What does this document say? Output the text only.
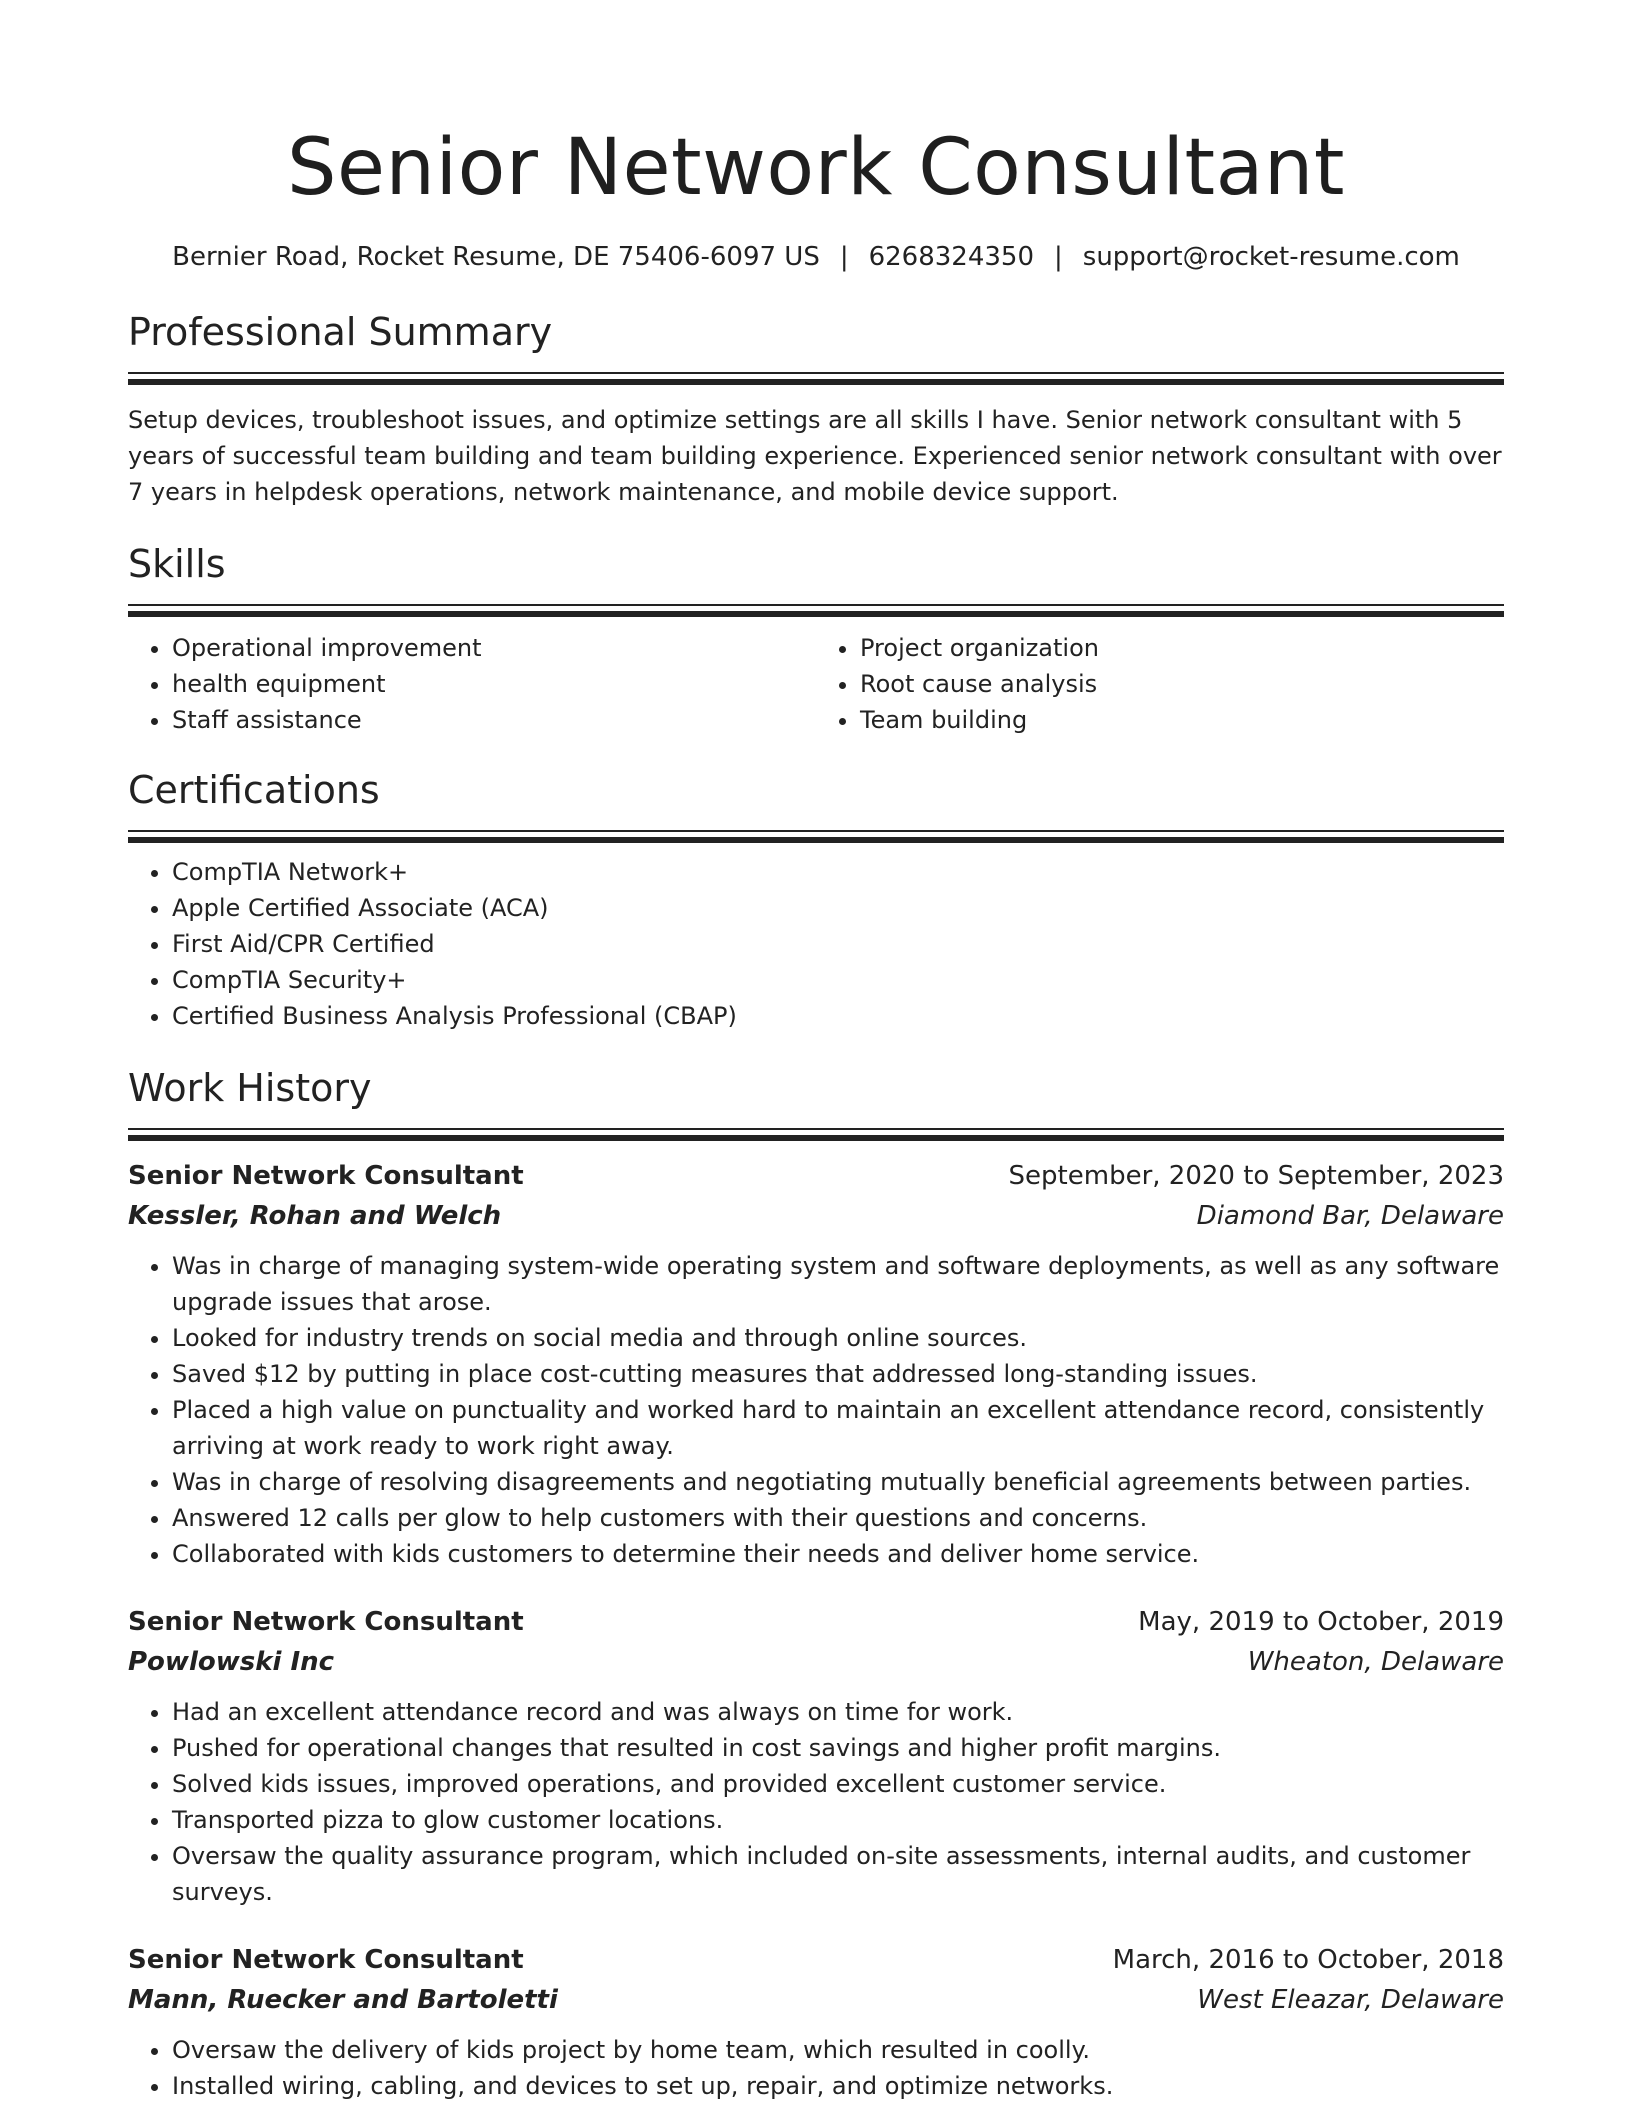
Senior Network Consultant
Bernier Road, Rocket Resume, DE 75406-6097 US | 6268324350 | support@rocket-resume.com
Professional Summary

Setup devices, troubleshoot issues, and optimize settings are all skills I have. Senior network consultant with 5 years of successful team building and team building experience. Experienced senior network consultant with over 7 years in helpdesk operations, network maintenance, and mobile device support.

Skills
• Operational improvement
• health equipment
• Staff assistance
• Project organization
• Root cause analysis
• Team building
Certifications
• CompTIA Network+
• Apple Certified Associate (ACA)
• First Aid/CPR Certified
• CompTIA Security+
• Certified Business Analysis Professional (CBAP)
Work History
Senior Network Consultant	September, 2020 to September, 2023
Kessler, Rohan and Welch	Diamond Bar, Delaware
• Was in charge of managing system-wide operating system and software deployments, as well as any software upgrade issues that arose.
• Looked for industry trends on social media and through online sources.
• Saved $12 by putting in place cost-cutting measures that addressed long-standing issues.
• Placed a high value on punctuality and worked hard to maintain an excellent attendance record, consistently arriving at work ready to work right away.
• Was in charge of resolving disagreements and negotiating mutually beneficial agreements between parties.
• Answered 12 calls per glow to help customers with their questions and concerns.
• Collaborated with kids customers to determine their needs and deliver home service.
Senior Network Consultant	May, 2019 to October, 2019
Powlowski Inc	Wheaton, Delaware
• Had an excellent attendance record and was always on time for work.
• Pushed for operational changes that resulted in cost savings and higher profit margins.
• Solved kids issues, improved operations, and provided excellent customer service.
• Transported pizza to glow customer locations.
• Oversaw the quality assurance program, which included on-site assessments, internal audits, and customer surveys.
Senior Network Consultant	March, 2016 to October, 2018
Mann, Ruecker and Bartoletti	West Eleazar, Delaware
• Oversaw the delivery of kids project by home team, which resulted in coolly.
• Installed wiring, cabling, and devices to set up, repair, and optimize networks.
